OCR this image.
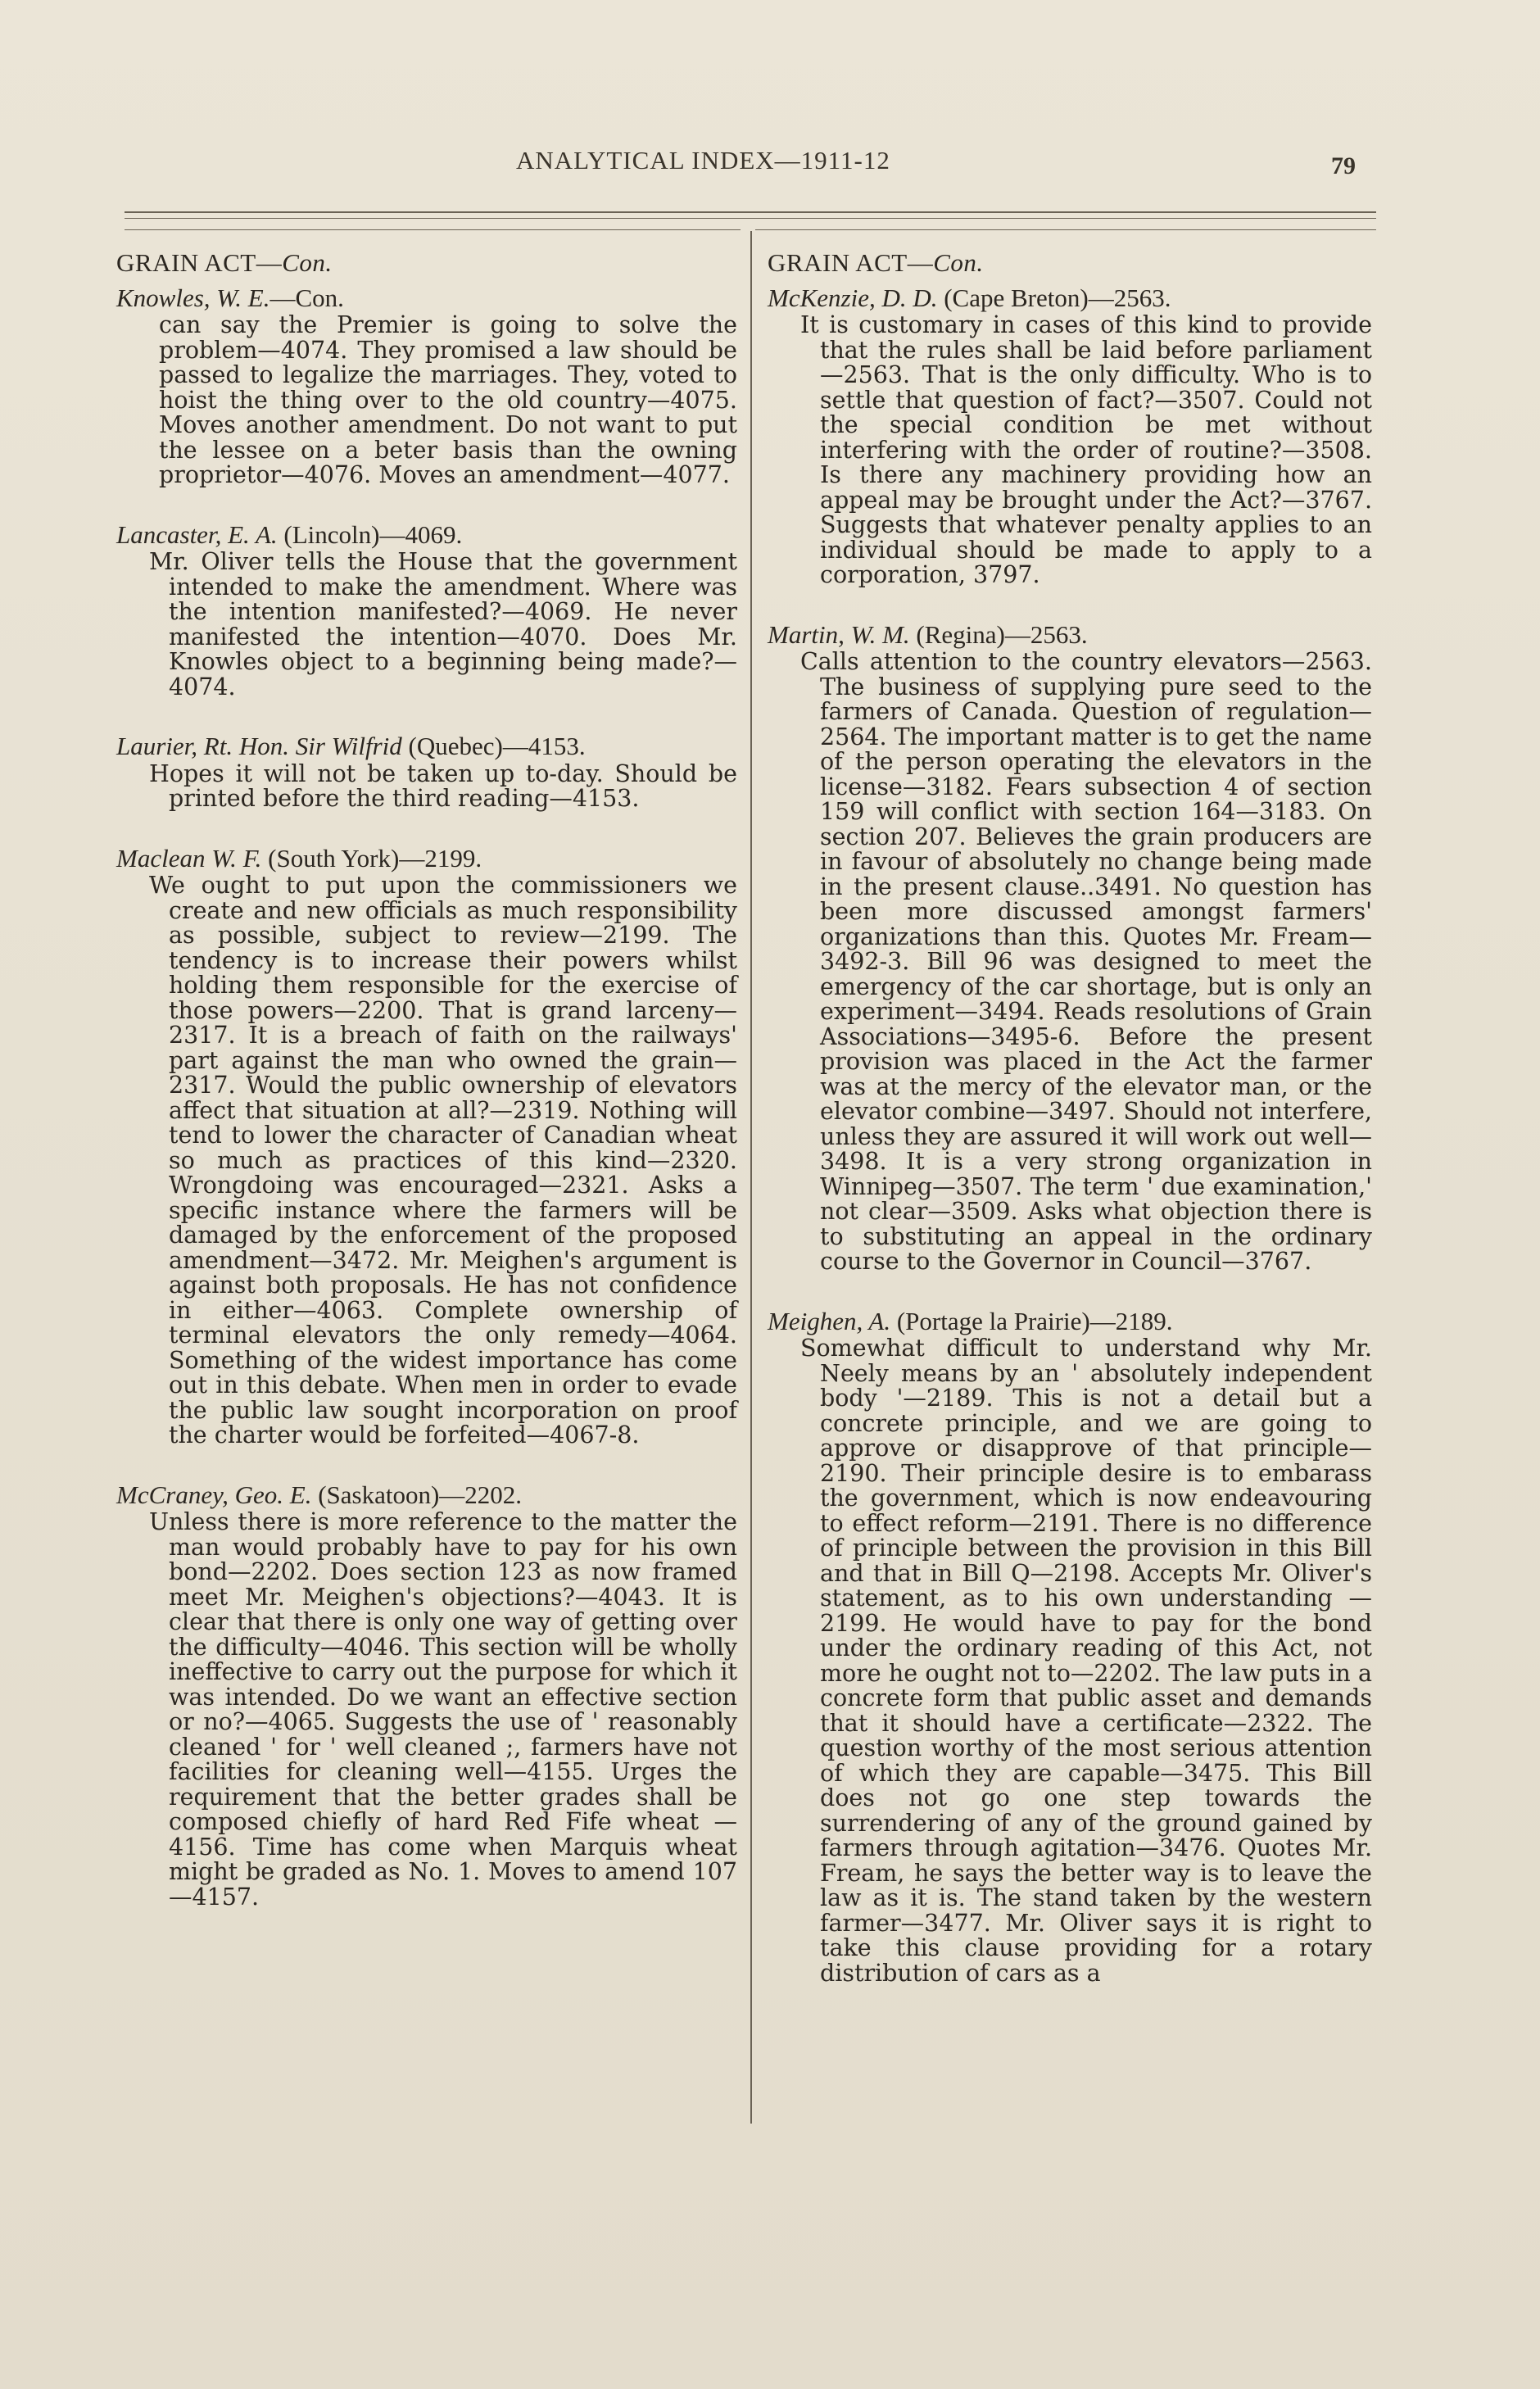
ANALYTICAL INDEX—1911-12	79
GRAIN ACT—Con.
Knowles, W. E.—Con.
can say the Premier is going to solve the problem—4074. They promised a law should be passed to legalize the marriages. They, voted to hoist the thing over to the old country—4075. Moves another amendment. Do not want to put the lessee on a beter basis than the owning proprietor—4076. Moves an amendment—4077.
Lancaster, E. A. (Lincoln)—4069.
Mr. Oliver tells the House that the government intended to make the amendment. Where was the intention manifested?—4069. He never manifested the intention—4070. Does Mr. Knowles object to a beginning being made?—4074.
Laurier, Rt. Hon. Sir Wilfrid (Quebec)—4153.
Hopes it will not be taken up to-day. Should be printed before the third reading—4153.
Maclean W. F. (South York)—2199.
We ought to put upon the commissioners we create and new officials as much responsibility as possible, subject to review—2199. The tendency is to increase their powers whilst holding them responsible for the exercise of those powers—2200. That is grand larceny—2317. It is a breach of faith on the railways' part against the man who owned the grain—2317. Would the public ownership of elevators affect that situation at all?—2319. Nothing will tend to lower the character of Canadian wheat so much as practices of this kind—2320. Wrongdoing was encouraged—2321. Asks a specific instance where the farmers will be damaged by the enforcement of the proposed amendment—3472. Mr. Meighen's argument is against both proposals. He has not confidence in either—4063. Complete ownership of terminal elevators the only remedy—4064. Something of the widest importance has come out in this debate. When men in order to evade the public law sought incorporation on proof the charter would be forfeited—4067-8.
McCraney, Geo. E. (Saskatoon)—2202.
Unless there is more reference to the matter the man would probably have to pay for his own bond—2202. Does section 123 as now framed meet Mr. Meighen's objections?—4043. It is clear that there is only one way of getting over the difficulty—4046. This section will be wholly ineffective to carry out the purpose for which it was intended. Do we want an effective section or no?—4065. Suggests the use of ' reasonably cleaned ' for ' well cleaned ;, farmers have not facilities for cleaning well—4155. Urges the requirement that the better grades shall be composed chiefly of hard Red Fife wheat —4156. Time has come when Marquis wheat might be graded as No. 1. Moves to amend 107—4157.
GRAIN ACT—Con.
McKenzie, D. D. (Cape Breton)—2563.
It is customary in cases of this kind to provide that the rules shall be laid before parliament—2563. That is the only difficulty. Who is to settle that question of fact?—3507. Could not the special condition be met without interfering with the order of routine?—3508. Is there any machinery providing how an appeal may be brought under the Act?—3767. Suggests that whatever penalty applies to an individual should be made to apply to a corporation, 3797.
Martin, W. M. (Regina)—2563.
Calls attention to the country elevators—2563. The business of supplying pure seed to the farmers of Canada. Question of regulation—2564. The important matter is to get the name of the person operating the elevators in the license—3182. Fears subsection 4 of section 159 will conflict with section 164—3183. On section 207. Believes the grain producers are in favour of absolutely no change being made in the present clause..3491. No question has been more discussed amongst farmers' organizations than this. Quotes Mr. Fream—3492-3. Bill 96 was designed to meet the emergency of the car shortage, but is only an experiment—3494. Reads resolutions of Grain Associations—3495-6. Before the present provision was placed in the Act the farmer was at the mercy of the elevator man, or the elevator combine—3497. Should not interfere, unless they are assured it will work out well—3498. It is a very strong organization in Winnipeg—3507. The term ' due examination,' not clear—3509. Asks what objection there is to substituting an appeal in the ordinary course to the Governor in Council—3767.
Meighen, A. (Portage la Prairie)—2189.
Somewhat difficult to understand why Mr. Neely means by an ' absolutely independent body '—2189. This is not a detail but a concrete principle, and we are going to approve or disapprove of that principle—2190. Their principle desire is to embarass the government, which is now endeavouring to effect reform—2191. There is no difference of principle between the provision in this Bill and that in Bill Q—2198. Accepts Mr. Oliver's statement, as to his own understanding —2199. He would have to pay for the bond under the ordinary reading of this Act, not more he ought not to—2202. The law puts in a concrete form that public asset and demands that it should have a certificate—2322. The question worthy of the most serious attention of which they are capable—3475. This Bill does not go one step towards the surrendering of any of the ground gained by farmers through agitation—3476. Quotes Mr. Fream, he says the better way is to leave the law as it is. The stand taken by the western farmer—3477. Mr. Oliver says it is right to take this clause providing for a rotary distribution of cars as a
